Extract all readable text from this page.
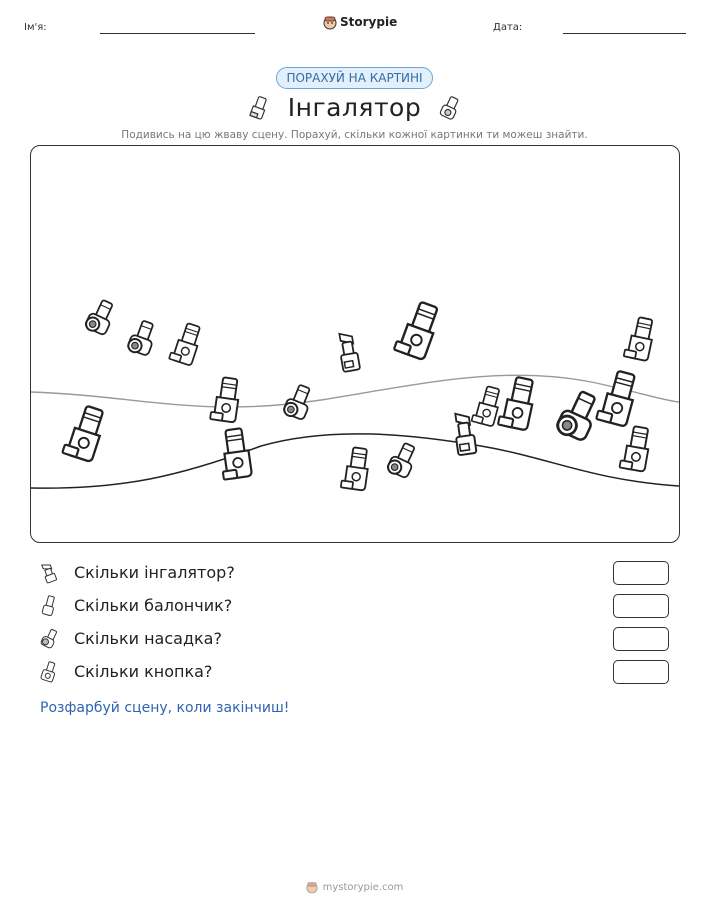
Ім'я:	Storypie	Дата:
ПОРАХУЙ НА КАРТИНІ
Інгалятор
Подивись на цю жваву сцену. Порахуй, скільки кожної картинки ти можеш знайти.
Скільки інгалятор?
Скільки балончик?
Скільки насадка?
Скільки кнопка?
Розфарбуй сцену, коли закінчиш!
mystorypie.com
